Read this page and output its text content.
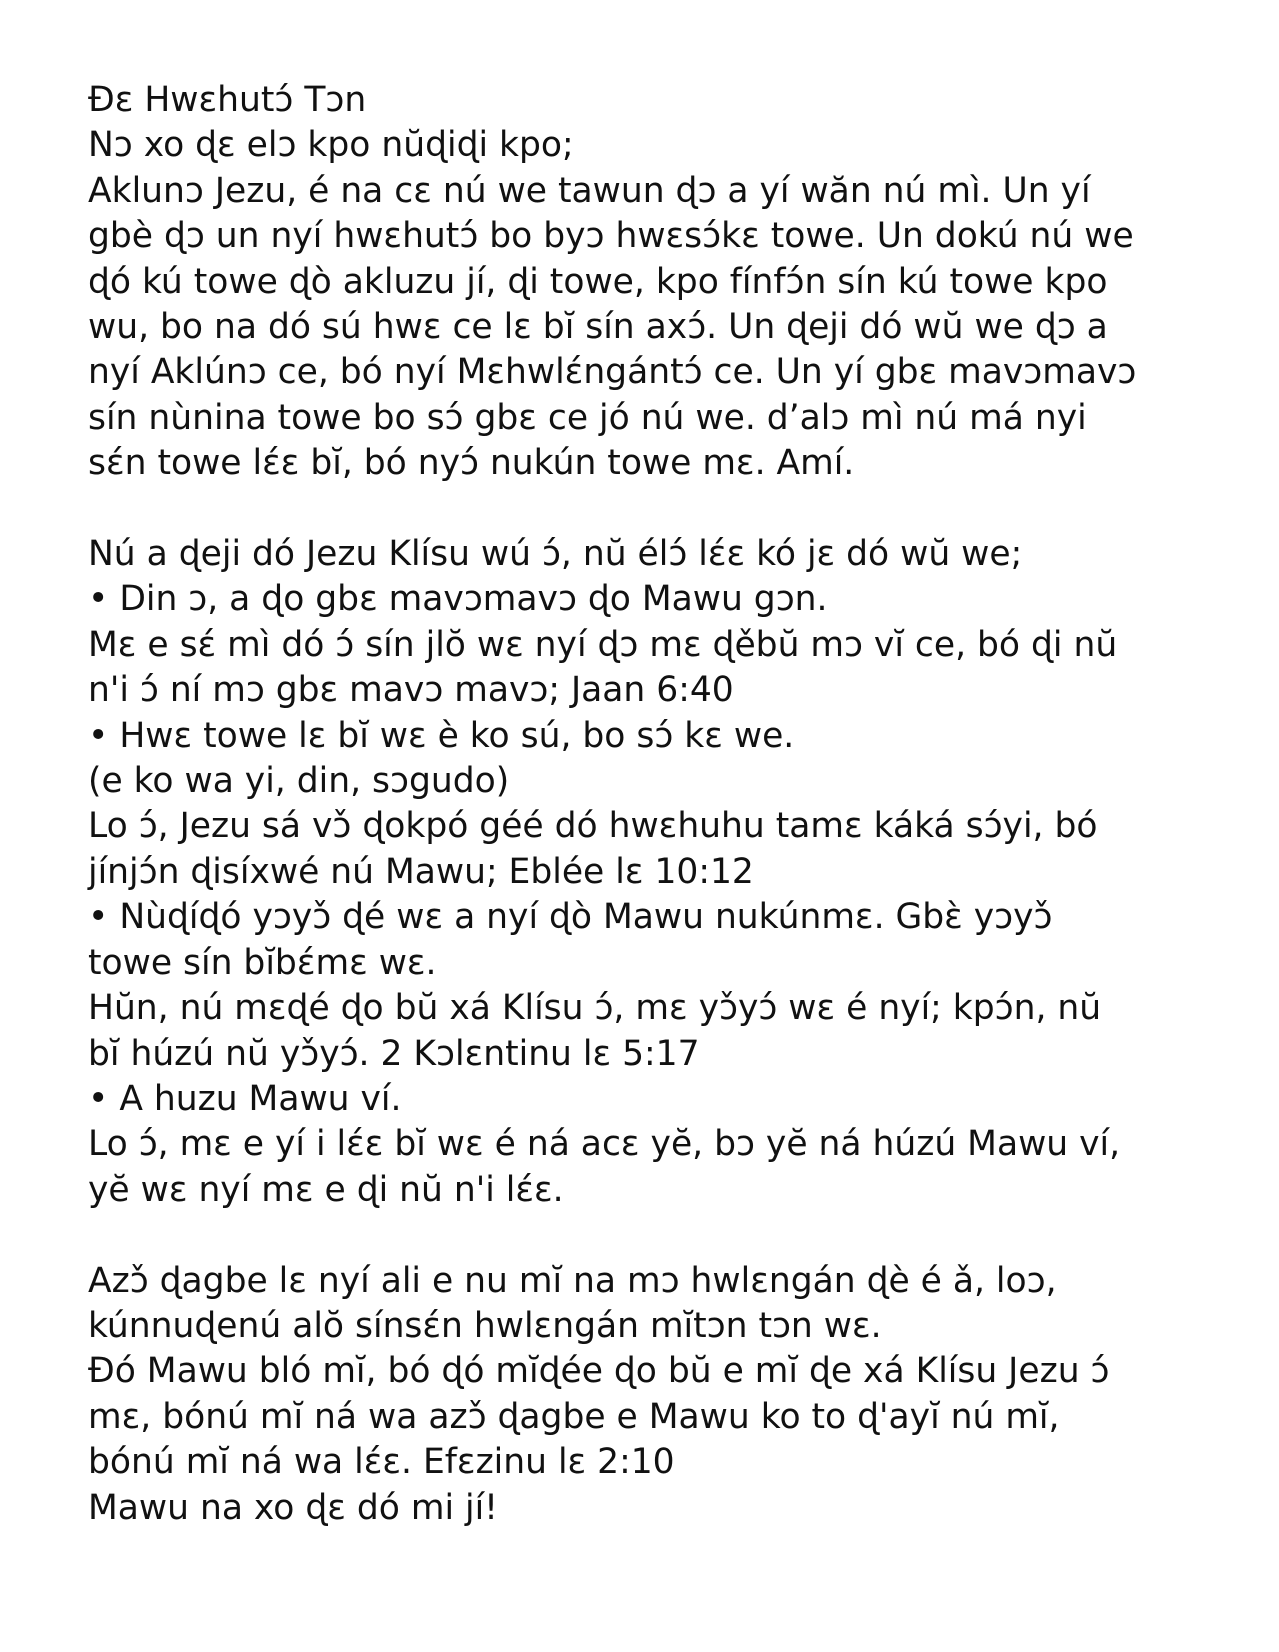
Ɖɛ Hwɛhutɔ́ Tɔn
Nɔ xo ɖɛ elɔ kpo nŭɖiɖi kpo;
Aklunɔ Jezu, é na cɛ nú we tawun ɖɔ a yí wăn nú mì. Un yí
gbè ɖɔ un nyí hwɛhutɔ́ bo byɔ hwɛsɔ́kɛ towe. Un dokú nú we
ɖó kú towe ɖò akluzu jí, ɖi towe, kpo fínfɔ́n sín kú towe kpo
wu, bo na dó sú hwɛ ce lɛ bĭ sín axɔ́. Un ɖeji dó wŭ we ɖɔ a
nyí Aklúnɔ ce, bó nyí Mɛhwlɛ́ngántɔ́ ce. Un yí gbɛ mavɔmavɔ
sín nùnina towe bo sɔ́ gbɛ ce jó nú we. d’alɔ mì nú má nyi
sɛ́n towe lɛ́ɛ bĭ, bó nyɔ́ nukún towe mɛ. Amí.
Nú a ɖeji dó Jezu Klísu wú ɔ́, nŭ élɔ́ lɛ́ɛ kó jɛ dó wŭ we;
• Din ɔ, a ɖo gbɛ mavɔmavɔ ɖo Mawu gɔn.
Mɛ e sɛ́ mì dó ɔ́ sín jlŏ wɛ nyí ɖɔ mɛ ɖěbŭ mɔ vĭ ce, bó ɖi nŭ
n'i ɔ́ ní mɔ gbɛ mavɔ mavɔ; Jaan 6:40
• Hwɛ towe lɛ bĭ wɛ è ko sú, bo sɔ́ kɛ we.
(e ko wa yi, din, sɔgudo)
Lo ɔ́, Jezu sá vɔ̌ ɖokpó géé dó hwɛhuhu tamɛ káká sɔ́yi, bó
jínjɔ́n ɖisíxwé nú Mawu; Eblée lɛ 10:12
• Nùɖíɖó yɔyɔ̌ ɖé wɛ a nyí ɖò Mawu nukúnmɛ. Gbɛ̀ yɔyɔ̌
towe sín bĭbɛ́mɛ wɛ.
Hŭn, nú mɛɖé ɖo bŭ xá Klísu ɔ́, mɛ yɔ̌yɔ́ wɛ é nyí; kpɔ́n, nŭ
bĭ húzú nŭ yɔ̌yɔ́. 2 Kɔlɛntinu lɛ 5:17
• A huzu Mawu ví.
Lo ɔ́, mɛ e yí i lɛ́ɛ bĭ wɛ é ná acɛ yĕ, bɔ yĕ ná húzú Mawu ví,
yĕ wɛ nyí mɛ e ɖi nŭ n'i lɛ́ɛ.
Azɔ̌ ɖagbe lɛ nyí ali e nu mĭ na mɔ hwlɛngán ɖè é ǎ, loɔ,
kúnnuɖenú alŏ sínsɛ́n hwlɛngán mĭtɔn tɔn wɛ.
Ɖó Mawu bló mĭ, bó ɖó mĭɖée ɖo bŭ e mĭ ɖe xá Klísu Jezu ɔ́
mɛ, bónú mĭ ná wa azɔ̌ ɖagbe e Mawu ko to ɖ'ayĭ nú mĭ,
bónú mĭ ná wa lɛ́ɛ. Efɛzinu lɛ 2:10
Mawu na xo ɖɛ dó mi jí!
